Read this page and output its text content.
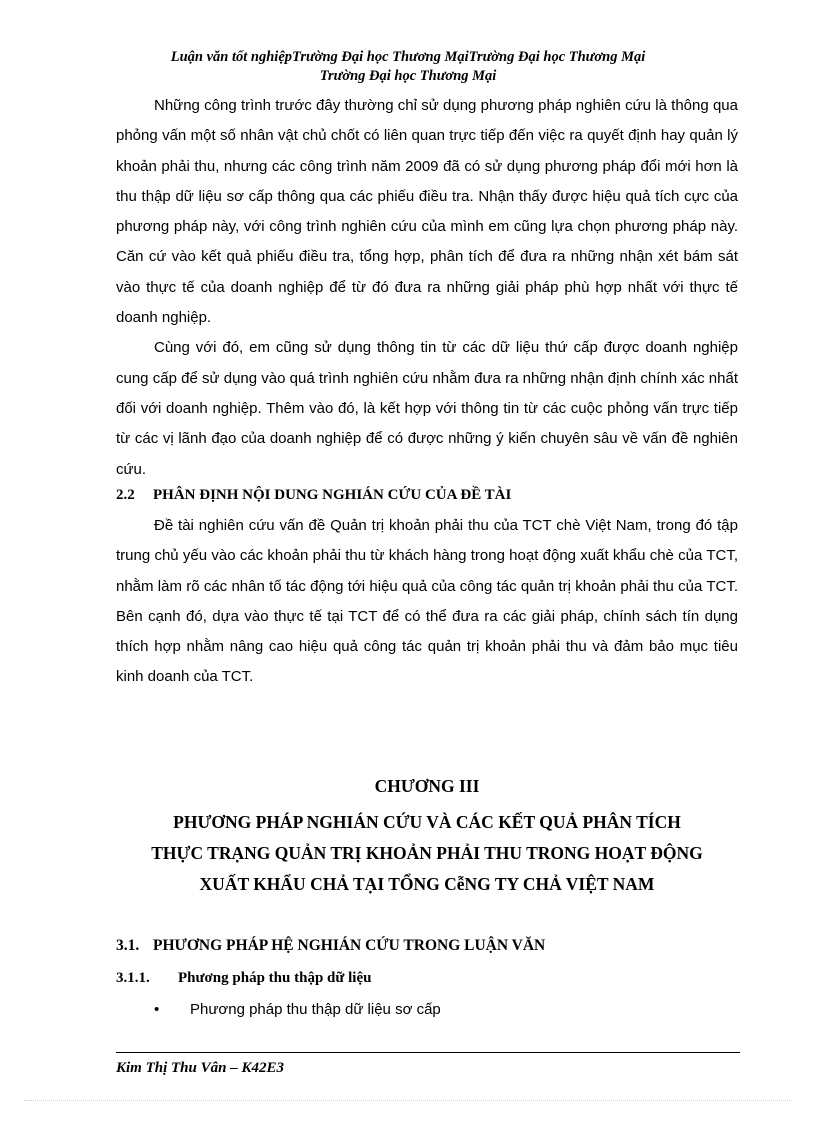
Luận văn tốt nghiệpTrường Đại học Thương MạiTrường Đại học Thương Mại
Trường Đại học Thương Mại

Những công trình trước đây thường chỉ sử dụng phương pháp nghiên cứu là thông qua phỏng vấn một số nhân vật chủ chốt có liên quan trực tiếp đến việc ra quyết định hay quản lý khoản phải thu, nhưng các công trình năm 2009 đã có sử dụng phương pháp đổi mới hơn là thu thập dữ liệu sơ cấp thông qua các phiếu điều tra. Nhận thấy được hiệu quả tích cực của phương pháp này, với công trình nghiên cứu của mình em cũng lựa chọn phương pháp này. Căn cứ vào kết quả phiếu điều tra, tổng hợp, phân tích để đưa ra những nhận xét bám sát vào thực tế của doanh nghiệp để từ đó đưa ra những giải pháp phù hợp nhất với thực tế doanh nghiệp.

Cùng với đó, em cũng sử dụng thông tin từ các dữ liệu thứ cấp được doanh nghiệp cung cấp để sử dụng vào quá trình nghiên cứu nhằm đưa ra những nhận định chính xác nhất đối với doanh nghiệp. Thêm vào đó, là kết hợp với thông tin từ các cuộc phỏng vấn trực tiếp từ các vị lãnh đạo của doanh nghiệp để có được những ý kiến chuyên sâu về vấn đề nghiên cứu.

2.2 PHÂN ĐỊNH NỘI DUNG NGHIÁN CỨU CỦA ĐỀ TÀI

Đề tài nghiên cứu vấn đề Quản trị khoản phải thu của TCT chè Việt Nam, trong đó tập trung chủ yếu vào các khoản phải thu từ khách hàng trong hoạt động xuất khẩu chè của TCT, nhằm làm rõ các nhân tố tác động tới hiệu quả của công tác quản trị khoản phải thu của TCT. Bên cạnh đó, dựa vào thực tế tại TCT để có thể đưa ra các giải pháp, chính sách tín dụng thích hợp nhằm nâng cao hiệu quả công tác quản trị khoản phải thu và đảm bảo mục tiêu kinh doanh của TCT.

CHƯƠNG III
PHƯƠNG PHÁP NGHIÁN CỨU VÀ CÁC KẾT QUẢ PHÂN TÍCH
THỰC TRẠNG QUẢN TRỊ KHOẢN PHẢI THU TRONG HOẠT ĐỘNG
XUẤT KHẨU CHẢ TẠI TỔNG CễNG TY CHẢ VIỆT NAM
3.1. PHƯƠNG PHÁP HỆ NGHIÁN CỨU TRONG LUẬN VĂN
3.1.1. Phương pháp thu thập dữ liệu
• Phương pháp thu thập dữ liệu sơ cấp
Kim Thị Thu Vân – K42E3
